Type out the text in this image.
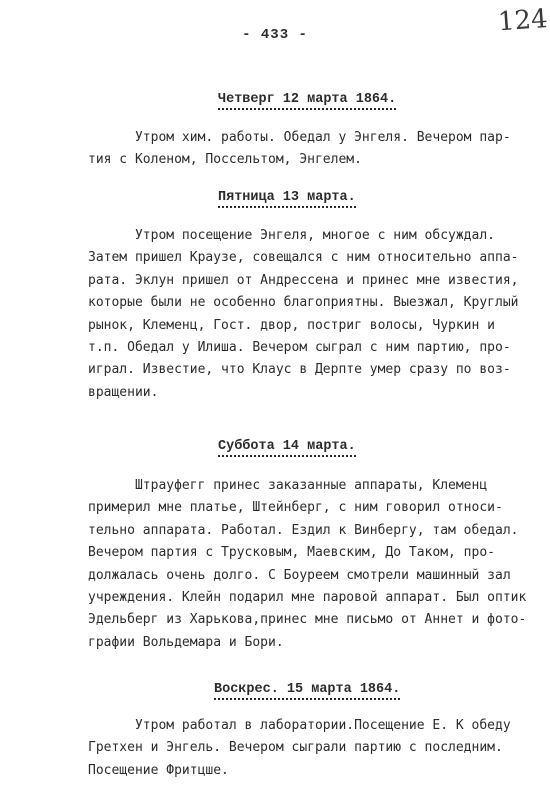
- 433 -	124
Четверг 12 марта 1864.
Утром хим. работы. Обедал у Энгеля. Вечером пар-
тия с Коленом, Поссельтом, Энгелем.
Пятница 13 марта.
Утром посещение Энгеля, многое с ним обсуждал.
Затем пришел Краузе, совещался с ним относительно аппа-
рата. Эклун пришел от Андрессена и принес мне известия,
которые были не особенно благоприятны. Выезжал, Круглый
рынок, Клеменц, Гост. двор, постриг волосы, Чуркин и
т.п. Обедал у Илиша. Вечером сыграл с ним партию, про-
играл. Известие, что Клаус в Дерпте умер сразу по воз-
вращении.
Суббота 14 марта.
Штрауфегг принес заказанные аппараты, Клеменц
примерил мне платье, Штейнберг, с ним говорил относи-
тельно аппарата. Работал. Ездил к Винбергу, там обедал.
Вечером партия с Трусковым, Маевским, До Таком, про-
должалась очень долго. С Боуреем смотрели машинный зал
учреждения. Клейн подарил мне паровой аппарат. Был оптик
Эдельберг из Харькова,принес мне письмо от Аннет и фото-
графии Вольдемара и Бори.
Воскрес. 15 марта 1864.
Утром работал в лаборатории.Посещение Е. К обеду
Гретхен и Энгель. Вечером сыграли партию с последним.
Посещение Фритцше.
